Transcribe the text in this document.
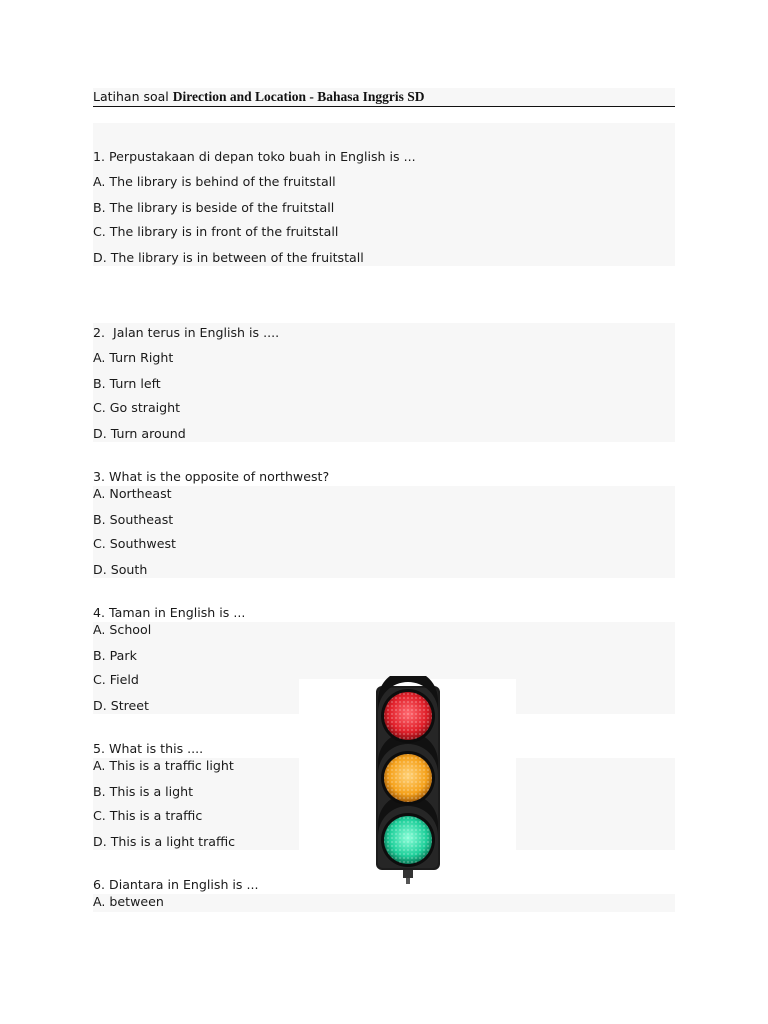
Latihan soal Direction and Location - Bahasa Inggris SD
1. Perpustakaan di depan toko buah in English is ...
A. The library is behind of the fruitstall
B. The library is beside of the fruitstall
C. The library is in front of the fruitstall
D. The library is in between of the fruitstall
2.  Jalan terus in English is ....
A. Turn Right
B. Turn left
C. Go straight
D. Turn around
3. What is the opposite of northwest?
A. Northeast
B. Southeast
C. Southwest
D. South
4. Taman in English is ...
A. School
B. Park
C. Field
D. Street
5. What is this ....
A. This is a traffic light
B. This is a light
C. This is a traffic
D. This is a light traffic
6. Diantara in English is ...
A. between
